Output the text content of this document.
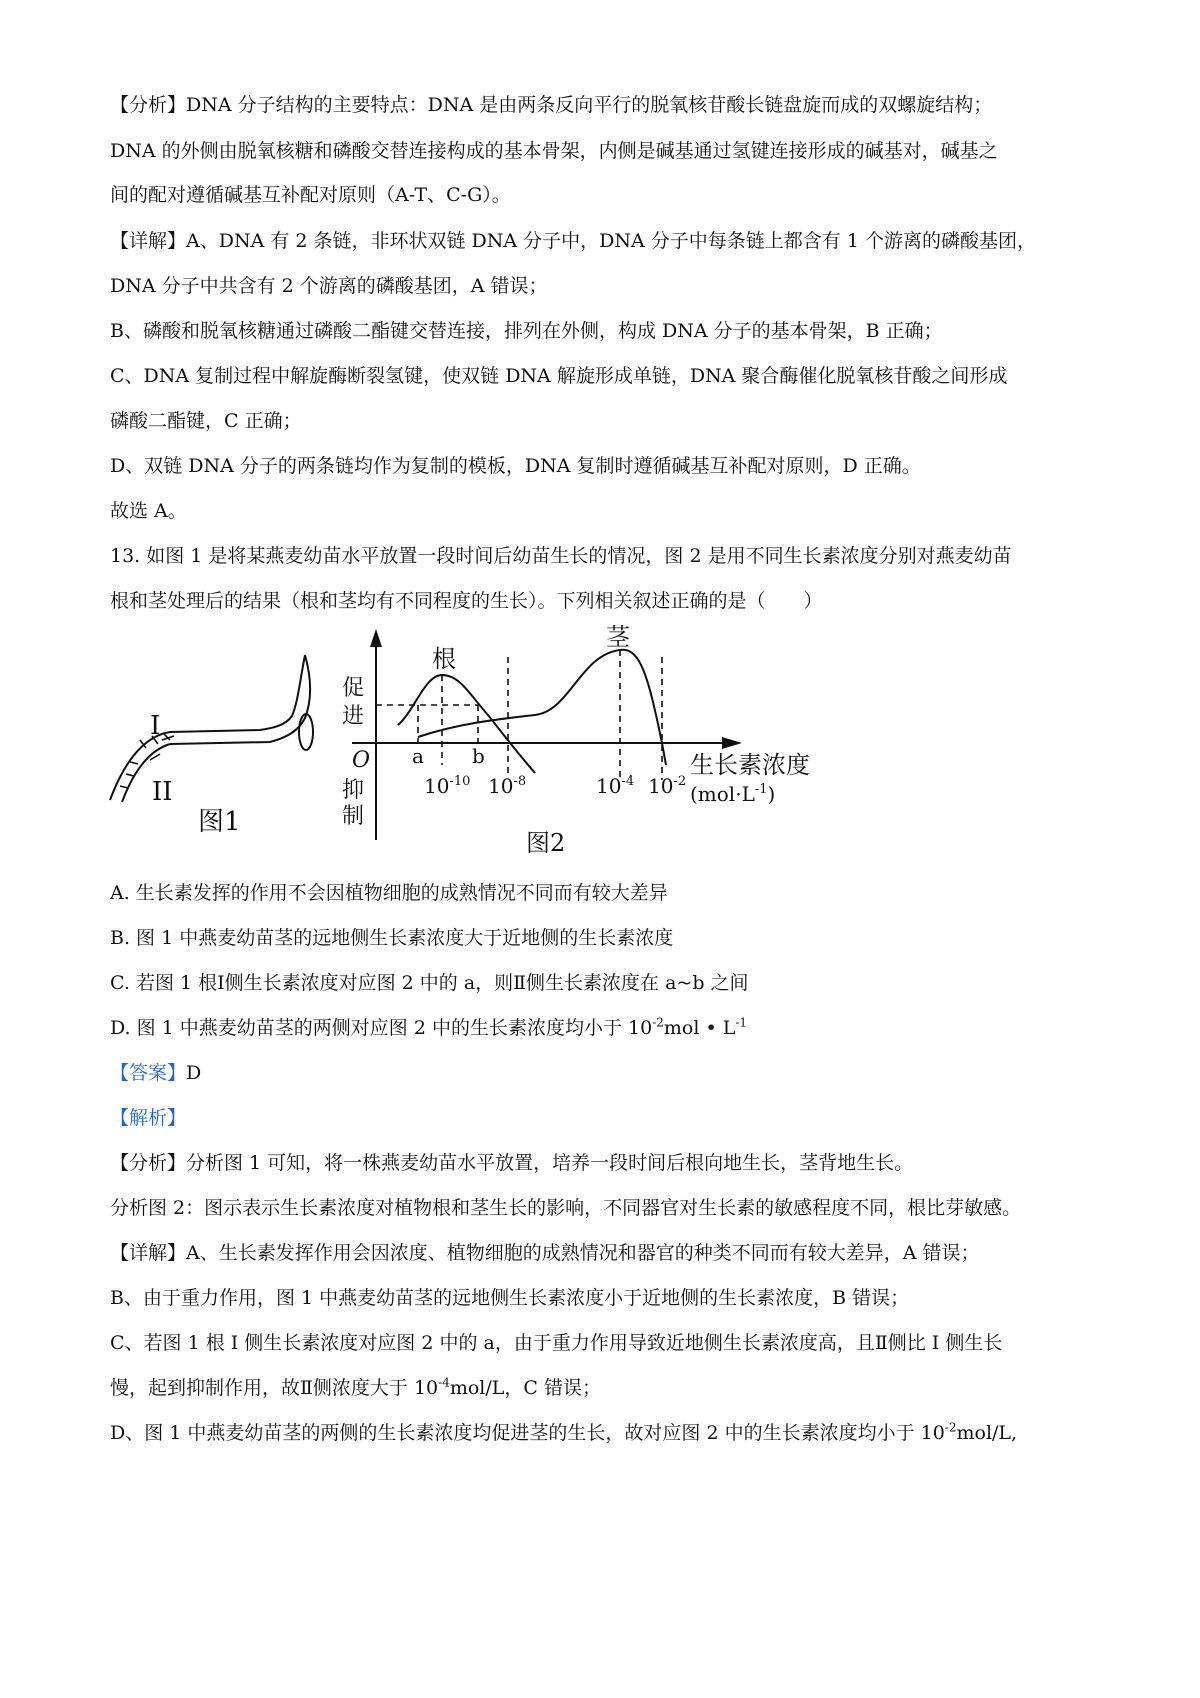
【分析】DNA 分子结构的主要特点：DNA 是由两条反向平行的脱氧核苷酸长链盘旋而成的双螺旋结构；
DNA 的外侧由脱氧核糖和磷酸交替连接构成的基本骨架，内侧是碱基通过氢键连接形成的碱基对，碱基之
间的配对遵循碱基互补配对原则（A-T、C-G）。
【详解】A、DNA 有 2 条链，非环状双链 DNA 分子中，DNA 分子中每条链上都含有 1 个游离的磷酸基团，
DNA 分子中共含有 2 个游离的磷酸基团，A 错误；
B、磷酸和脱氧核糖通过磷酸二酯键交替连接，排列在外侧，构成 DNA 分子的基本骨架，B 正确；
C、DNA 复制过程中解旋酶断裂氢键，使双链 DNA 解旋形成单链，DNA 聚合酶催化脱氧核苷酸之间形成
磷酸二酯键，C 正确；
D、双链 DNA 分子的两条链均作为复制的模板，DNA 复制时遵循碱基互补配对原则，D 正确。
故选 A。
13. 如图 1 是将某燕麦幼苗水平放置一段时间后幼苗生长的情况，图 2 是用不同生长素浓度分别对燕麦幼苗
根和茎处理后的结果（根和茎均有不同程度的生长）。下列相关叙述正确的是（　　）
I
II
图1
O
促
进
抑
制
根
茎
a b
$10^{-10}$ $10^{-8}$	$10^{-4}$ $10^{-2}$
生长素浓度
$(mol\cdot L^{-1})$
图2
A. 生长素发挥的作用不会因植物细胞的成熟情况不同而有较大差异
B. 图 1 中燕麦幼苗茎的远地侧生长素浓度大于近地侧的生长素浓度
C. 若图 1 根Ⅰ侧生长素浓度对应图 2 中的 a，则Ⅱ侧生长素浓度在 a~b 之间
D. 图 1 中燕麦幼苗茎的两侧对应图 2 中的生长素浓度均小于 $10^{-2}mol$ • $L^{-1}$
【答案】D
【解析】
【分析】分析图 1 可知，将一株燕麦幼苗水平放置，培养一段时间后根向地生长，茎背地生长。
分析图 2：图示表示生长素浓度对植物根和茎生长的影响，不同器官对生长素的敏感程度不同，根比芽敏感。
【详解】A、生长素发挥作用会因浓度、植物细胞的成熟情况和器官的种类不同而有较大差异，A 错误；
B、由于重力作用，图 1 中燕麦幼苗茎的远地侧生长素浓度小于近地侧的生长素浓度，B 错误；
C、若图 1 根 I 侧生长素浓度对应图 2 中的 a，由于重力作用导致近地侧生长素浓度高，且Ⅱ侧比 I 侧生长
慢，起到抑制作用，故Ⅱ侧浓度大于 $10^{-4}mol/L$，C 错误；
D、图 1 中燕麦幼苗茎的两侧的生长素浓度均促进茎的生长，故对应图 2 中的生长素浓度均小于 $10^{-2}mol/L$,
